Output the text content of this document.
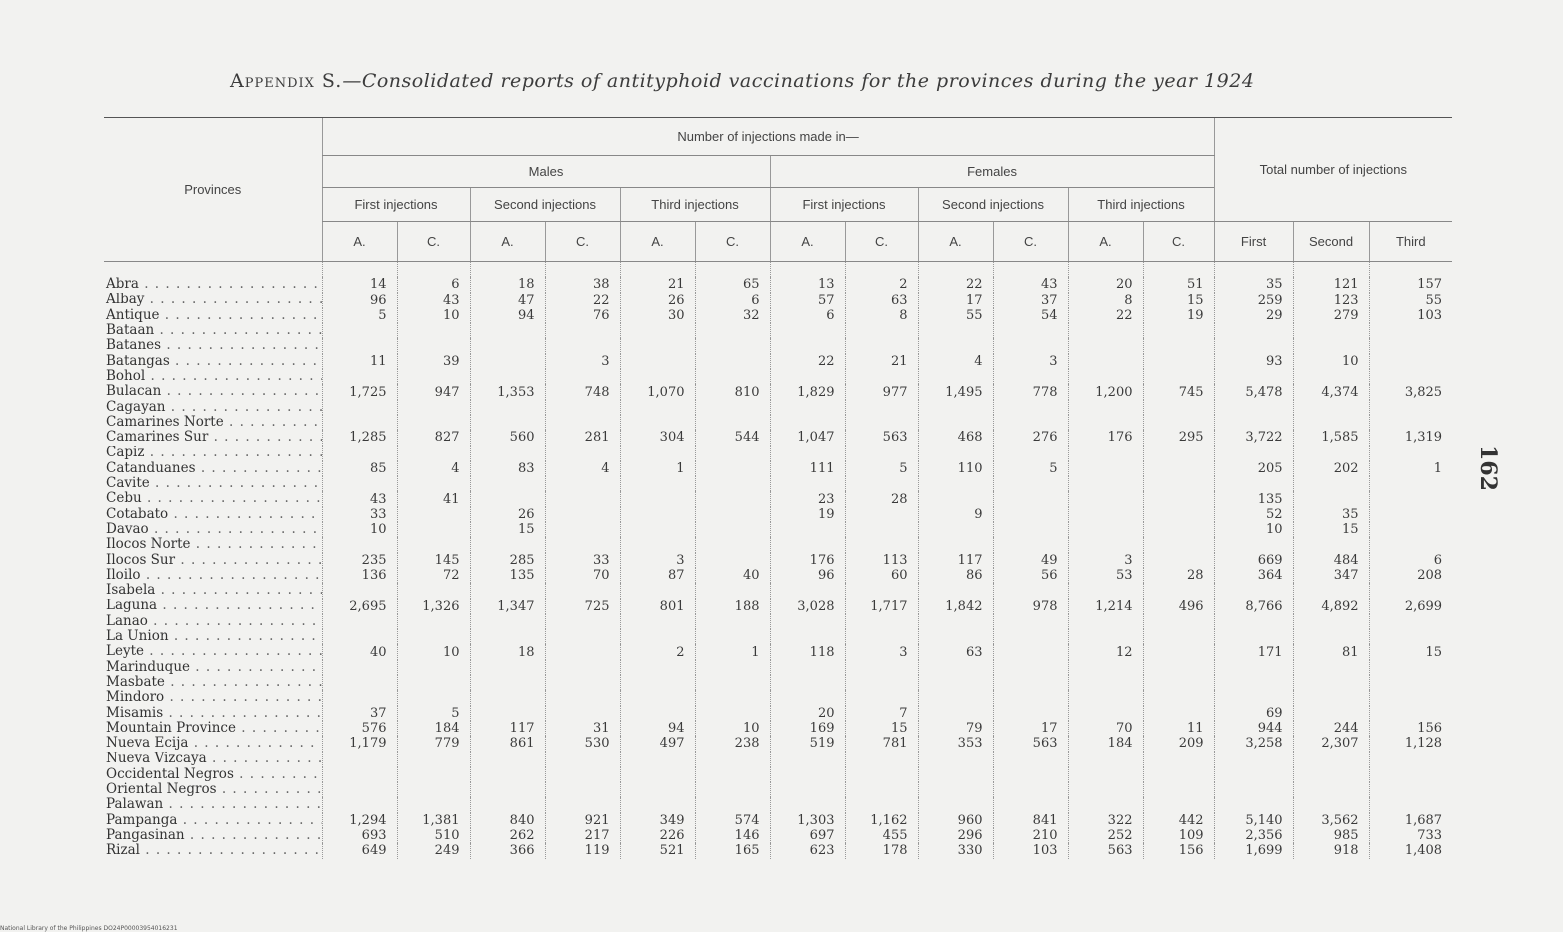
Appendix S.—Consolidated reports of antityphoid vaccinations for the provinces during the year 1924
Provinces	Number of injections made in—												Total number of injections		
	Males						Females								
	First injections		Second injections		Third injections		First injections		Second injections		Third injections				
	A.	C.	A.	C.	A.	C.	A.	C.	A.	C.	A.	C.	First	Second	Third

Abra . . .	14	6	18	38	21	65	13	2	22	43	20	51	35	121	157
Albay . . .	96	43	47	22	26	6	57	63	17	37	8	15	259	123	55
Antique . . .	5	10	94	76	30	32	6	8	55	54	22	19	29	279	103
Bataan . . .															
Batanes . . .															
Batangas . . .	11	39		3			22	21	4	3			93	10	
Bohol . . .															
Bulacan . . .	1,725	947	1,353	748	1,070	810	1,829	977	1,495	778	1,200	745	5,478	4,374	3,825
Cagayan . . .															
Camarines Norte . . .															
Camarines Sur . . .	1,285	827	560	281	304	544	1,047	563	468	276	176	295	3,722	1,585	1,319
Capiz . . .															
Catanduanes . . .	85	4	83	4	1		111	5	110	5			205	202	1
Cavite . . .															
Cebu . . .	43	41					23	28					135		
Cotabato . . .	33		26				19		9				52	35	
Davao . . .	10		15										10	15	
Ilocos Norte . . .															
Ilocos Sur . . .	235	145	285	33	3		176	113	117	49	3		669	484	6
Iloilo . . .	136	72	135	70	87	40	96	60	86	56	53	28	364	347	208
Isabela . . .															
Laguna . . .	2,695	1,326	1,347	725	801	188	3,028	1,717	1,842	978	1,214	496	8,766	4,892	2,699
Lanao . . .															
La Union . . .															
Leyte . . .	40	10	18		2	1	118	3	63		12		171	81	15
Marinduque . . .															
Masbate . . .															
Mindoro . . .															
Misamis . . .	37	5					20	7					69		
Mountain Province . . .	576	184	117	31	94	10	169	15	79	17	70	11	944	244	156
Nueva Ecija . . .	1,179	779	861	530	497	238	519	781	353	563	184	209	3,258	2,307	1,128
Nueva Vizcaya . . .															
Occidental Negros . . .															
Oriental Negros . . .															
Palawan . . .															
Pampanga . . .	1,294	1,381	840	921	349	574	1,303	1,162	960	841	322	442	5,140	3,562	1,687
Pangasinan . . .	693	510	262	217	226	146	697	455	296	210	252	109	2,356	985	733
Rizal . . .	649	249	366	119	521	165	623	178	330	103	563	156	1,699	918	1,408
162
National Library of the Philippines DO24P00003954016231
